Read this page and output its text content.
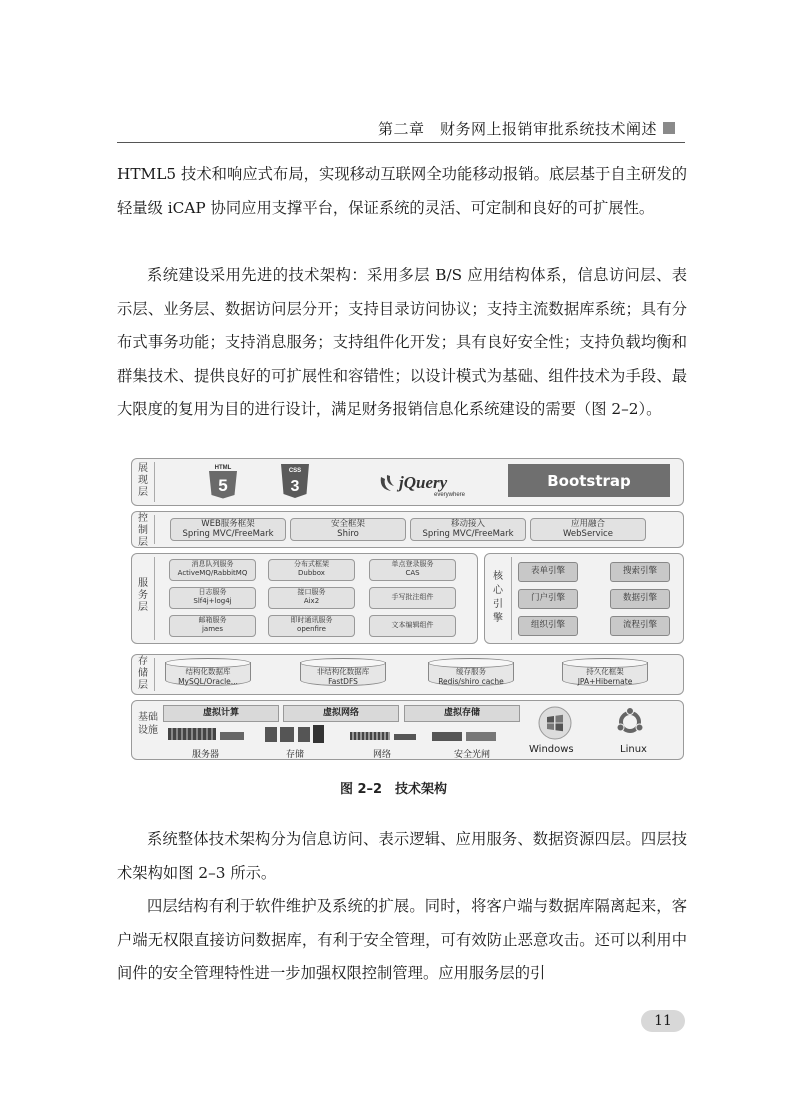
第二章　财务网上报销审批系统技术阐述
HTML5 技术和响应式布局，实现移动互联网全功能移动报销。底层基于自主研发的轻量级 iCAP 协同应用支撑平台，保证系统的灵活、可定制和良好的可扩展性。
系统建设采用先进的技术架构：采用多层 B/S 应用结构体系，信息访问层、表示层、业务层、数据访问层分开；支持目录访问协议；支持主流数据库系统；具有分布式事务功能；支持消息服务；支持组件化开发；具有良好安全性；支持负载均衡和群集技术、提供良好的可扩展性和容错性；以设计模式为基础、组件技术为手段、最大限度的复用为目的进行设计，满足财务报销信息化系统建设的需要（图 2–2）。
展现层
HTML
5
CSS
3	jQuery
everywhere
Bootstrap
控制层
WEB服务框架
Spring MVC/FreeMark
安全框架
Shiro
移动接入
Spring MVC/FreeMark
应用融合
WebService
服务层
消息队列服务
ActiveMQ/RabbitMQ
分布式框架
Dubbox
单点登录服务
CAS
日志服务
Slf4j+log4j
接口服务
Aix2	手写批注组件
邮箱服务
james
即时通讯服务
openfire	文本编辑组件
核心引擎
表单引擎	搜索引擎
门户引擎	数据引擎
组织引擎	流程引擎
存储层
结构化数据库
MySQL/Oracle...
非结构化数据库
FastDFS
缓存服务
Redis/shiro cache
持久化框架
JPA+Hibernate
基础设施
虚拟计算	虚拟网络	虚拟存储
服务器	存储	网络	安全光闸	Windows	Linux
图 2–2　技术架构
系统整体技术架构分为信息访问、表示逻辑、应用服务、数据资源四层。四层技术架构如图 2–3 所示。
四层结构有利于软件维护及系统的扩展。同时，将客户端与数据库隔离起来，客户端无权限直接访问数据库，有利于安全管理，可有效防止恶意攻击。还可以利用中间件的安全管理特性进一步加强权限控制管理。应用服务层的引
11
